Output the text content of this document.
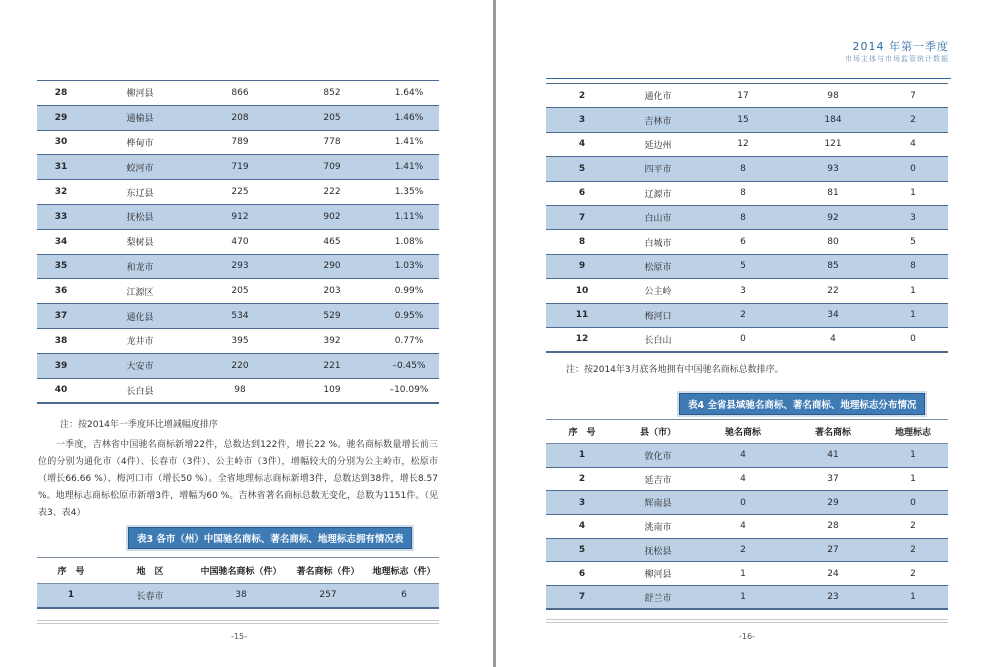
28	柳河县	866	852	1.64%
29	通榆县	208	205	1.46%
30	桦甸市	789	778	1.41%
31	蛟河市	719	709	1.41%
32	东辽县	225	222	1.35%
33	抚松县	912	902	1.11%
34	梨树县	470	465	1.08%
35	和龙市	293	290	1.03%
36	江源区	205	203	0.99%
37	通化县	534	529	0.95%
38	龙井市	395	392	0.77%
39	大安市	220	221	–0.45%
40	长白县	98	109	–10.09%
注：按2014年一季度环比增减幅度排序
一季度，吉林省中国驰名商标新增22件，总数达到122件，增长22 %。驰名商标数量增长前三位的分别为通化市（4件）、长春市（3件）、公主岭市（3件），增幅较大的分别为公主岭市，松原市（增长66.66 %）、梅河口市（增长50 %）。全省地理标志商标新增3件，总数达到38件，增长8.57 %。地理标志商标松原市新增3件，增幅为60 %。吉林省著名商标总数无变化，总数为1151件。（见表3、表4）
表3 各市（州）中国驰名商标、著名商标、地理标志拥有情况表
序　号	地　区	中国驰名商标（件）	著名商标（件）	地理标志（件）
1	长春市	38	257	6
-15-
2014 年第一季度
市场主体与市场监管统计数据
2	通化市	17	98	7
3	吉林市	15	184	2
4	延边州	12	121	4
5	四平市	8	93	0
6	辽源市	8	81	1
7	白山市	8	92	3
8	白城市	6	80	5
9	松原市	5	85	8
10	公主岭	3	22	1
11	梅河口	2	34	1
12	长白山	0	4	0
注：按2014年3月底各地拥有中国驰名商标总数排序。
表4 全省县域驰名商标、著名商标、地理标志分布情况
序　号	县（市）	驰名商标	著名商标	地理标志
1	敦化市	4	41	1
2	延吉市	4	37	1
3	辉南县	0	29	0
4	洮南市	4	28	2
5	抚松县	2	27	2
6	柳河县	1	24	2
7	舒兰市	1	23	1
-16-
